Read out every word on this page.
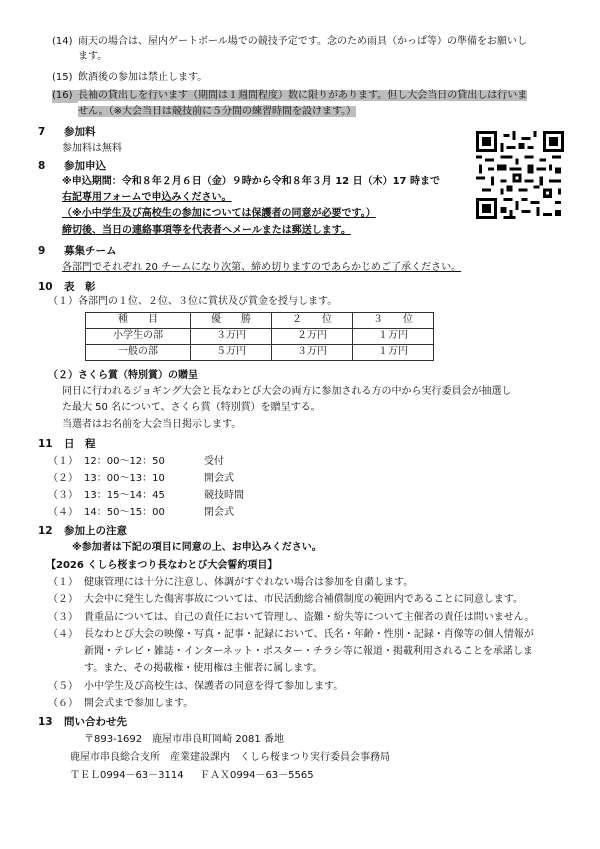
(14) 雨天の場合は、屋内ゲートボール場での競技予定です。念のため雨具（かっぱ等）の準備をお願いし
ます。
(15) 飲酒後の参加は禁止します。
(16) 長袖の貸出しを行います（期間は１週間程度）数に限りがあります。但し大会当日の貸出しは行いま
せん。（※大会当日は競技前に５分間の練習時間を設けます。）
7 参加料
参加料は無料
8 参加申込
※申込期間：令和８年２月６日（金）９時から令和８年３月 12 日（木）17 時まで
右記専用フォームで申込みください。
（※小中学生及び高校生の参加については保護者の同意が必要です。）
締切後、当日の連絡事項等を代表者へメールまたは郵送します。
9 募集チーム
各部門でそれぞれ 20 チームになり次第、締め切りますのであらかじめご了承ください。
10 表　彰
（１）各部門の１位、２位、３位に賞状及び賞金を授与します。
種　　目	優　　勝	２　　位	３　　位
小学生の部	３万円	２万円	１万円
一般の部	５万円	３万円	１万円
（２）さくら賞（特別賞）の贈呈
同日に行われるジョギング大会と長なわとび大会の両方に参加される方の中から実行委員会が抽選し
た最大 50 名について、さくら賞（特別賞）を贈呈する。
当選者はお名前を大会当日掲示します。
11 日　程
（１） 12：00～12：50	受付
（２） 13：00～13：10	開会式
（３） 13：15～14：45	競技時間
（４） 14：50～15：00	閉会式
12 参加上の注意
※参加者は下記の項目に同意の上、お申込みください。
【2026 くしら桜まつり長なわとび大会誓約項目】
（１） 健康管理には十分に注意し、体調がすぐれない場合は参加を自粛します。
（２） 大会中に発生した傷害事故については、市民活動総合補償制度の範囲内であることに同意します。
（３） 貴重品については、自己の責任において管理し、盗難・紛失等について主催者の責任は問いません。
（４） 長なわとび大会の映像・写真・記事・記録において、氏名・年齢・性別・記録・肖像等の個人情報が
新聞・テレビ・雑誌・インターネット・ポスター・チラシ等に報道・掲載利用されることを承諾しま
す。また、その掲載権・使用権は主催者に属します。
（５） 小中学生及び高校生は、保護者の同意を得て参加します。
（６） 開会式まで参加します。
13 問い合わせ先
〒893-1692　鹿屋市串良町岡崎 2081 番地
鹿屋市串良総合支所　産業建設課内　くしら桜まつり実行委員会事務局
ＴＥＬ0994－63－3114 ＦＡＸ0994－63－5565
